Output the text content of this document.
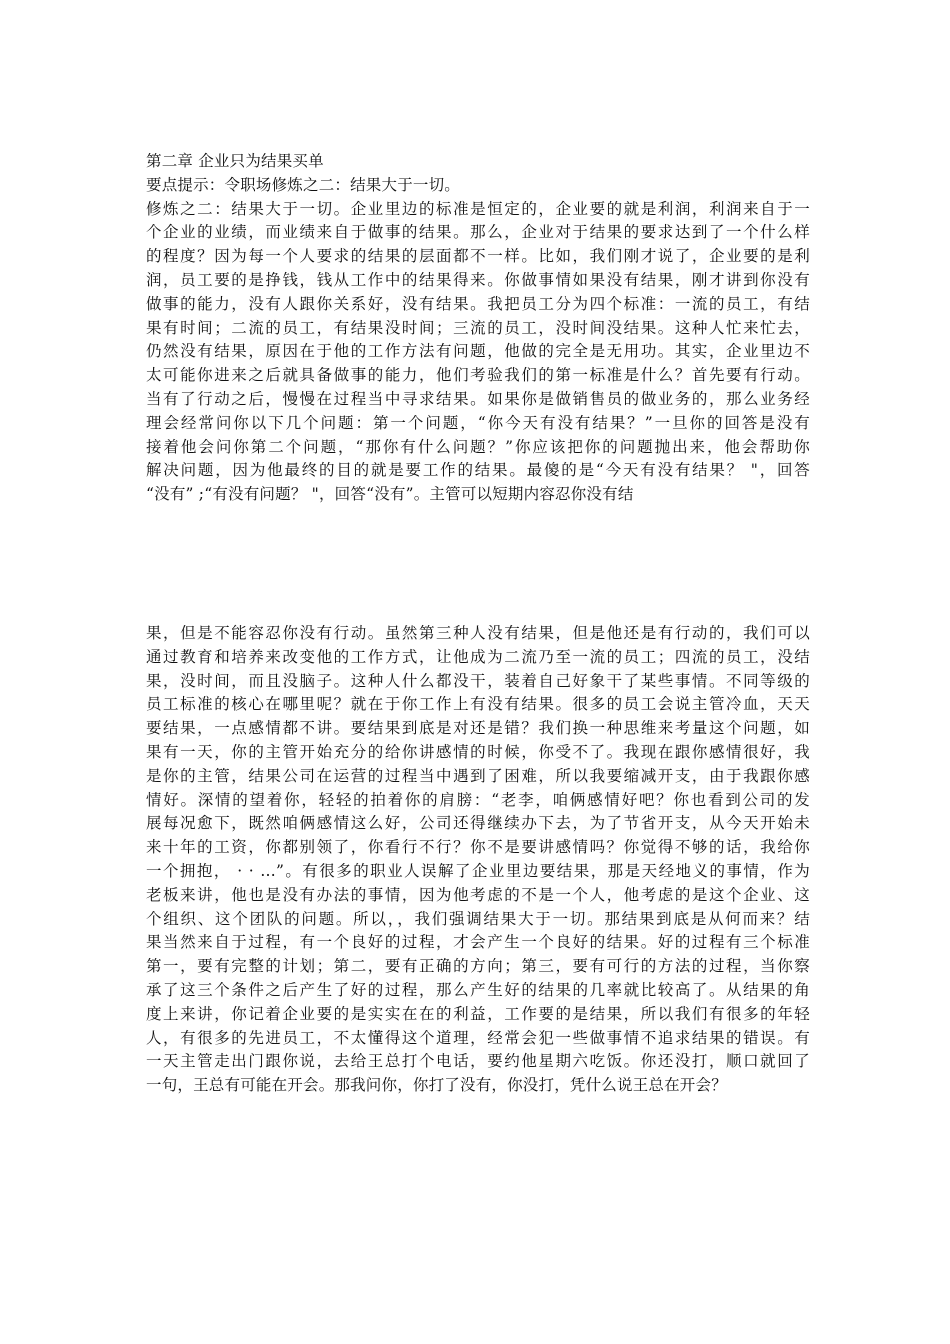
第二章 企业只为结果买单
要点提示：令职场修炼之二：结果大于一切。
修炼之二：结果大于一切。企业里边的标准是恒定的，企业要的就是利润，利润来自于一
个企业的业绩，而业绩来自于做事的结果。那么，企业对于结果的要求达到了一个什么样
的程度？因为每一个人要求的结果的层面都不一样。比如，我们刚才说了，企业要的是利
润，员工要的是挣钱，钱从工作中的结果得来。你做事情如果没有结果，刚才讲到你没有
做事的能力，没有人跟你关系好，没有结果。我把员工分为四个标准：一流的员工，有结
果有时间；二流的员工，有结果没时间；三流的员工，没时间没结果。这种人忙来忙去，
仍然没有结果，原因在于他的工作方法有问题，他做的完全是无用功。其实，企业里边不
太可能你进来之后就具备做事的能力，他们考验我们的第一标准是什么？首先要有行动。
当有了行动之后，慢慢在过程当中寻求结果。如果你是做销售员的做业务的，那么业务经
理会经常问你以下几个问题：第一个问题，“你今天有没有结果？”一旦你的回答是没有
接着他会问你第二个问题，“那你有什么问题？”你应该把你的问题抛出来，他会帮助你
解决问题，因为他最终的目的就是要工作的结果。最傻的是“今天有没有结果？ "，回答
“没有” ;“有没有问题？ "，回答“没有”。主管可以短期内容忍你没有结
果，但是不能容忍你没有行动。虽然第三种人没有结果，但是他还是有行动的，我们可以
通过教育和培养来改变他的工作方式，让他成为二流乃至一流的员工；四流的员工，没结
果，没时间，而且没脑子。这种人什么都没干，装着自己好象干了某些事情。不同等级的
员工标准的核心在哪里呢？就在于你工作上有没有结果。很多的员工会说主管冷血，天天
要结果，一点感情都不讲。要结果到底是对还是错？我们换一种思维来考量这个问题，如
果有一天，你的主管开始充分的给你讲感情的时候，你受不了。我现在跟你感情很好，我
是你的主管，结果公司在运营的过程当中遇到了困难，所以我要缩减开支，由于我跟你感
情好。深情的望着你，轻轻的拍着你的肩膀：“老李，咱俩感情好吧？你也看到公司的发
展每况愈下，既然咱俩感情这么好，公司还得继续办下去，为了节省开支，从今天开始未
来十年的工资，你都别领了，你看行不行？你不是要讲感情吗？你觉得不够的话，我给你
一个拥抱， · · …”。有很多的职业人误解了企业里边要结果，那是天经地义的事情，作为
老板来讲，他也是没有办法的事情，因为他考虑的不是一个人，他考虑的是这个企业、这
个组织、这个团队的问题。所以，，我们强调结果大于一切。那结果到底是从何而来？结
果当然来自于过程，有一个良好的过程，才会产生一个良好的结果。好的过程有三个标准
第一，要有完整的计划；第二，要有正确的方向；第三，要有可行的方法的过程，当你察
承了这三个条件之后产生了好的过程，那么产生好的结果的几率就比较高了。从结果的角
度上来讲，你记着企业要的是实实在在的利益，工作要的是结果，所以我们有很多的年轻
人，有很多的先进员工，不太懂得这个道理，经常会犯一些做事情不追求结果的错误。有
一天主管走出门跟你说，去给王总打个电话，要约他星期六吃饭。你还没打，顺口就回了
一句，王总有可能在开会。那我问你，你打了没有，你没打，凭什么说王总在开会？
